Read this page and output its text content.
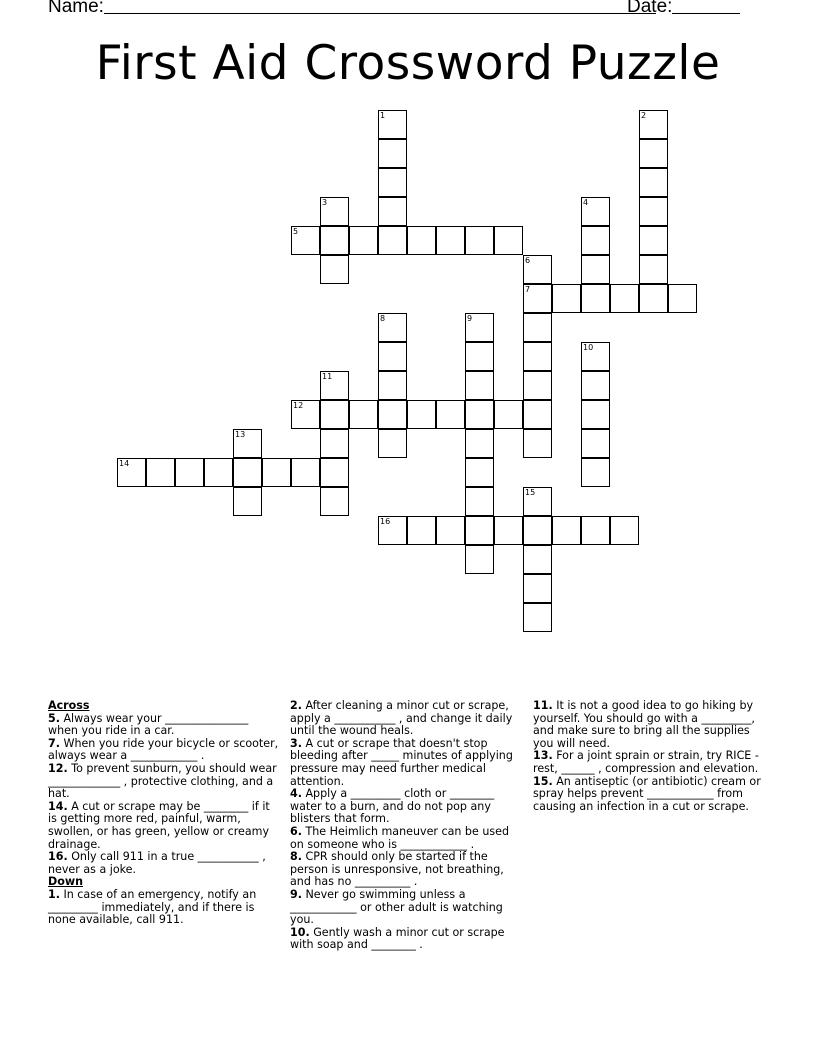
Name:	Date:
First Aid Crossword Puzzle
1	2
3	4
5
6
7
8	9
10
11
12
13
14
15
16
Across
5. Always wear your _______________ when you ride in a car.
7. When you ride your bicycle or scooter, always wear a ____________ .
12. To prevent sunburn, you should wear _____________ , protective clothing, and a hat.
14. A cut or scrape may be ________ if it is getting more red, painful, warm, swollen, or has green, yellow or creamy drainage.
16. Only call 911 in a true ___________ , never as a joke.
Down
1. In case of an emergency, notify an _________ immediately, and if there is none available, call 911.
2. After cleaning a minor cut or scrape, apply a ___________ , and change it daily until the wound heals.
3. A cut or scrape that doesn't stop bleeding after _____ minutes of applying pressure may need further medical attention.
4. Apply a _________ cloth or ________ water to a burn, and do not pop any blisters that form.
6. The Heimlich maneuver can be used on someone who is ____________ .
8. CPR should only be started if the person is unresponsive, not breathing, and has no __________ .
9. Never go swimming unless a ____________ or other adult is watching you.
10. Gently wash a minor cut or scrape with soap and ________ .
11. It is not a good idea to go hiking by yourself. You should go with a _________, and make sure to bring all the supplies you will need.
13. For a joint sprain or strain, try RICE - rest, ______ , compression and elevation.
15. An antiseptic (or antibiotic) cream or spray helps prevent ____________ from causing an infection in a cut or scrape.
